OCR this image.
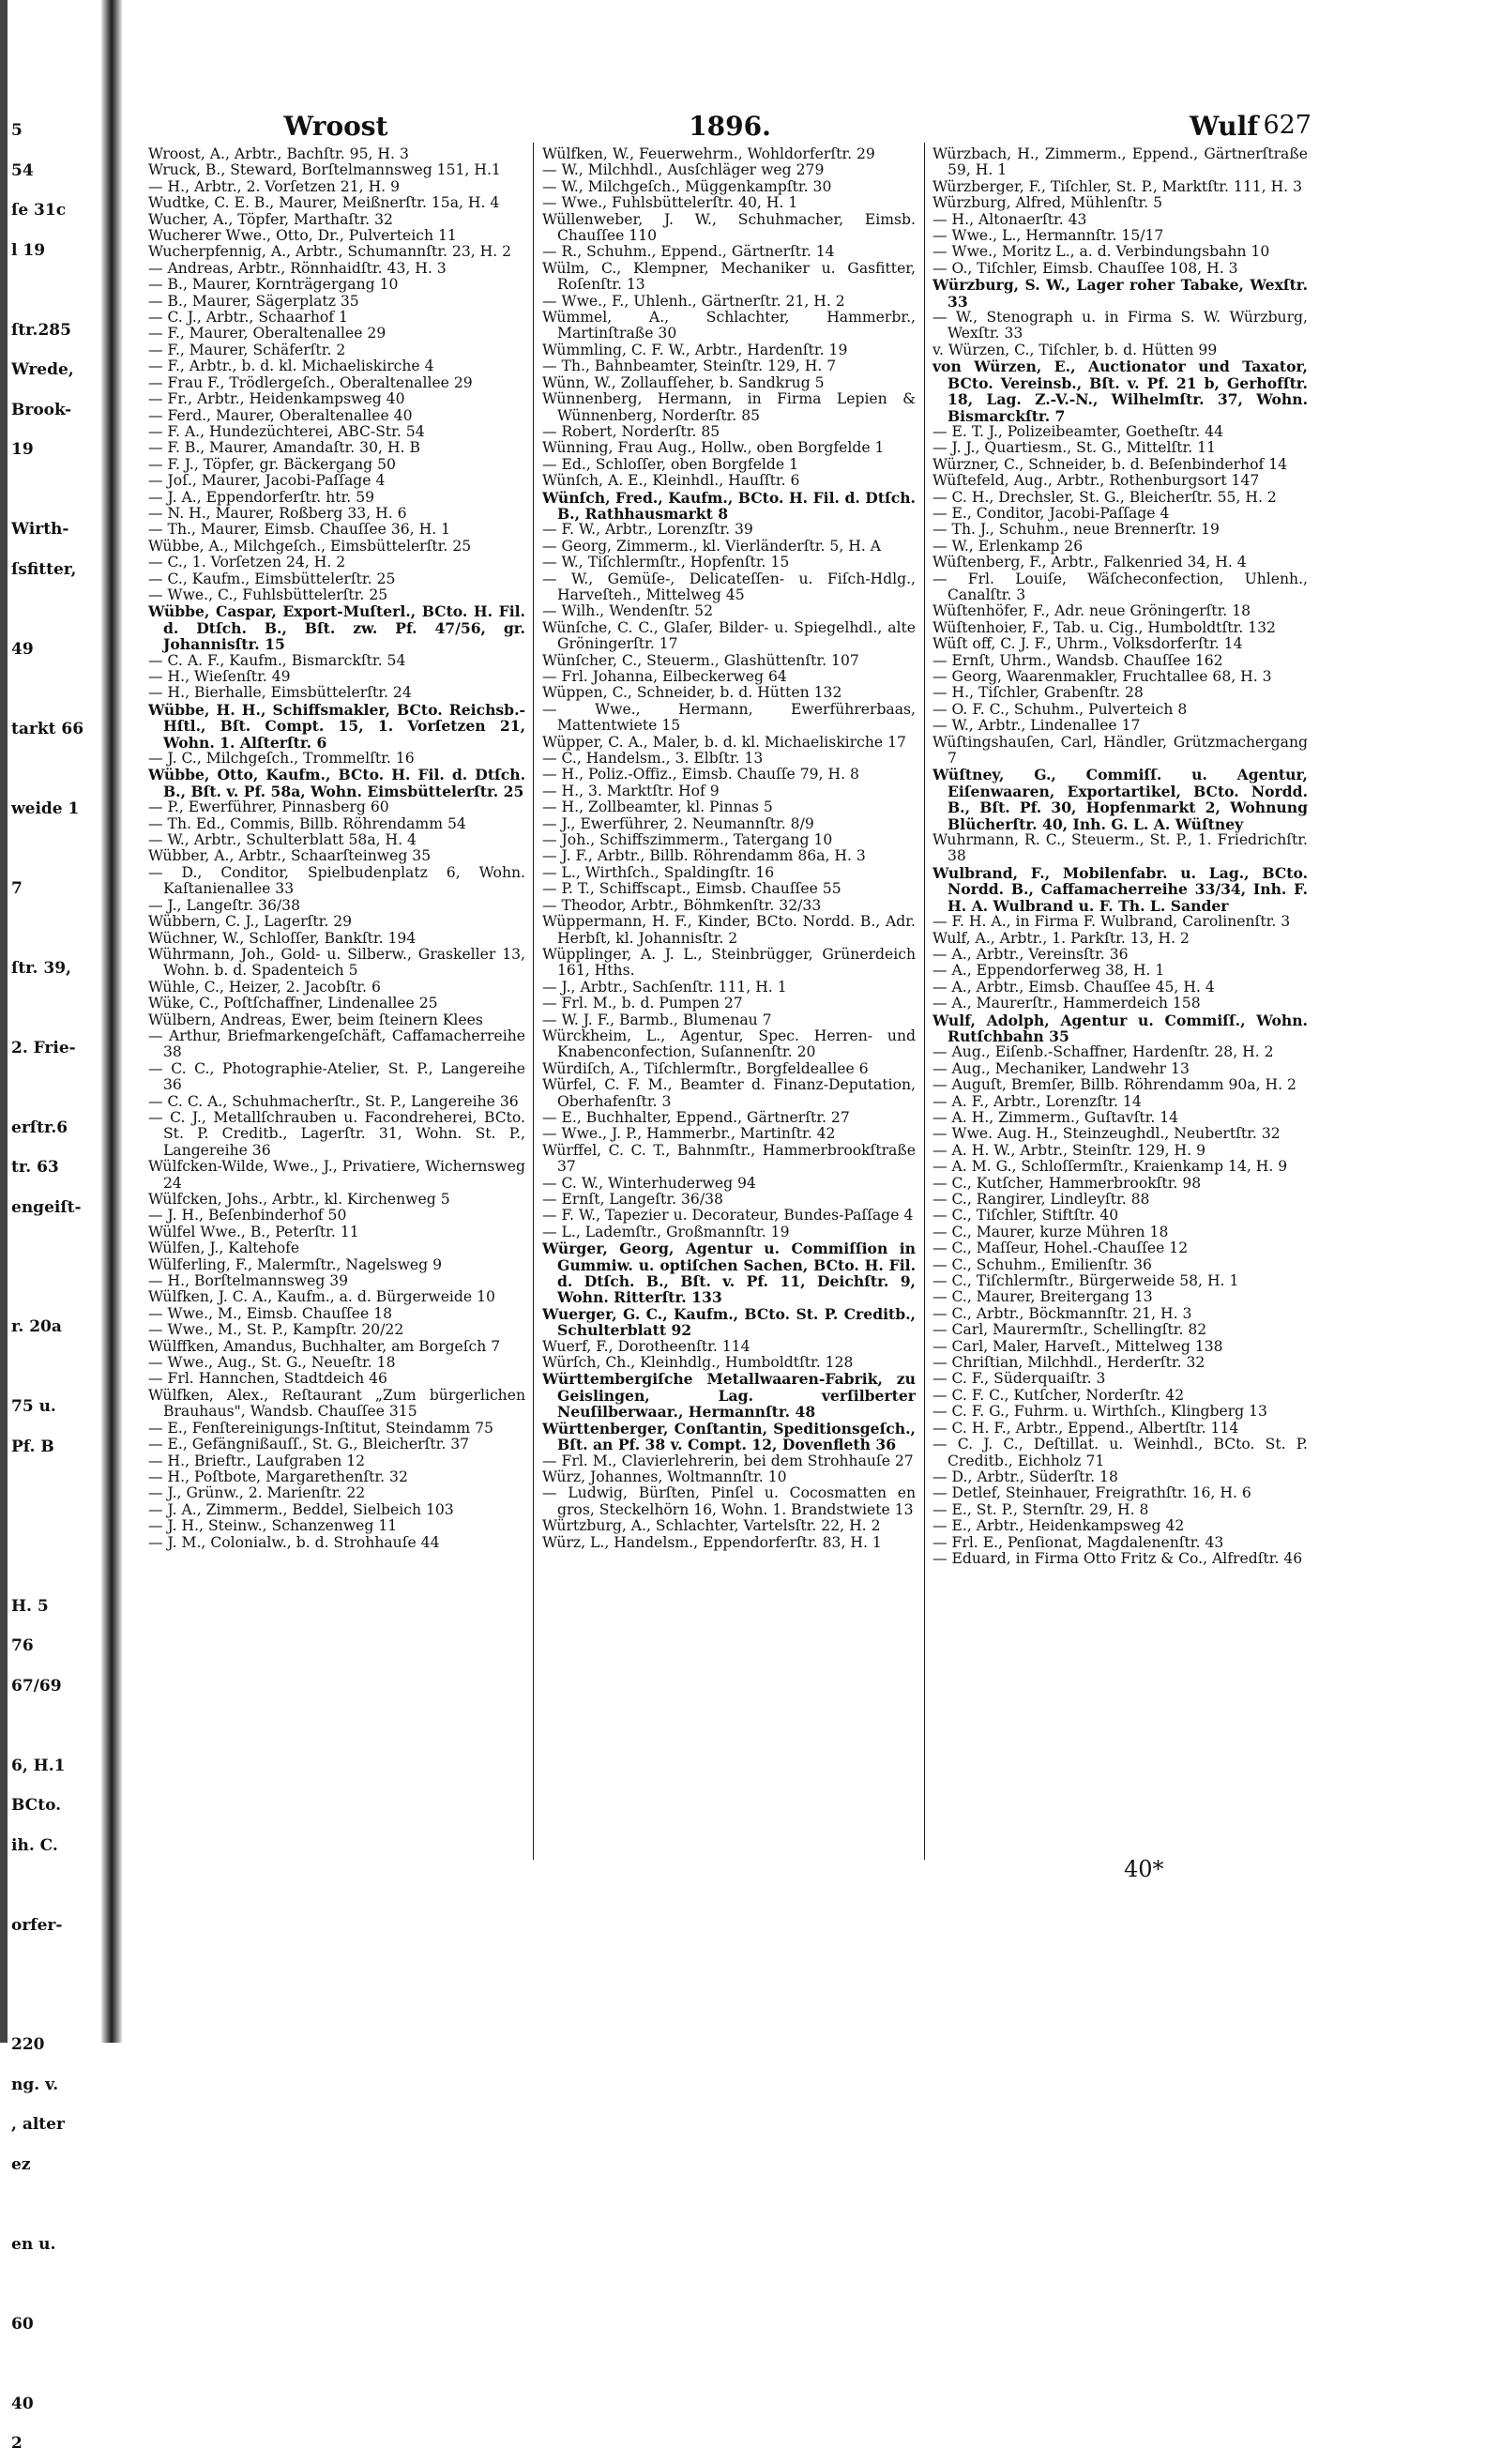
5
54
ſe 31c
l 19

ſtr.285
Wrede,
Brook-
19

Wirth-
ſsfitter,

49

tarkt 66

weide 1

7

ſtr. 39,

2. Frie-

erſtr.6
tr. 63
engeiſt-

r. 20a

75 u.
Pf. B

H. 5
76
67/69

6, H.1
BCto.
ih. C.

orfer-

220
ng. v.
, alter
ez

en u.

60

40
2
Wroost	1896.	Wulf 627

Wroost, A., Arbtr., Bachſtr. 95, H. 3

Wruck, B., Steward, Borſtelmannsweg 151, H.1

— H., Arbtr., 2. Vorſetzen 21, H. 9

Wudtke, C. E. B., Maurer, Meißnerſtr. 15a, H. 4

Wucher, A., Töpfer, Marthaſtr. 32

Wucherer Wwe., Otto, Dr., Pulverteich 11

Wucherpfennig, A., Arbtr., Schumannſtr. 23, H. 2

— Andreas, Arbtr., Rönnhaidſtr. 43, H. 3

— B., Maurer, Kornträgergang 10

— B., Maurer, Sägerplatz 35

— C. J., Arbtr., Schaarhof 1

— F., Maurer, Oberaltenallee 29

— F., Maurer, Schäferſtr. 2

— F., Arbtr., b. d. kl. Michaeliskirche 4

— Frau F., Trödlergeſch., Oberaltenallee 29

— Fr., Arbtr., Heidenkampsweg 40

— Ferd., Maurer, Oberaltenallee 40

— F. A., Hundezüchterei, ABC-Str. 54

— F. B., Maurer, Amandaſtr. 30, H. B

— F. J., Töpfer, gr. Bäckergang 50

— Joſ., Maurer, Jacobi-Paſſage 4

— J. A., Eppendorferſtr. htr. 59

— N. H., Maurer, Roßberg 33, H. 6

— Th., Maurer, Eimsb. Chauſſee 36, H. 1

Wübbe, A., Milchgeſch., Eimsbüttelerſtr. 25

— C., 1. Vorſetzen 24, H. 2

— C., Kaufm., Eimsbüttelerſtr. 25

— Wwe., C., Fuhlsbüttelerſtr. 25

Wübbe, Caspar, Export-Muſterl., BCto. H. Fil. d. Dtſch. B., Bſt. zw. Pf. 47/56, gr. Johannisſtr. 15

— C. A. F., Kaufm., Bismarckſtr. 54

— H., Wieſenſtr. 49

— H., Bierhalle, Eimsbüttelerſtr. 24

Wübbe, H. H., Schiffsmakler, BCto. Reichsb.-Hſtl., Bſt. Compt. 15, 1. Vorſetzen 21, Wohn. 1. Alſterſtr. 6

— J. C., Milchgeſch., Trommelſtr. 16

Wübbe, Otto, Kaufm., BCto. H. Fil. d. Dtſch. B., Bſt. v. Pf. 58a, Wohn. Eimsbüttelerſtr. 25

— P., Ewerführer, Pinnasberg 60

— Th. Ed., Commis, Billb. Röhrendamm 54

— W., Arbtr., Schulterblatt 58a, H. 4

Wübber, A., Arbtr., Schaarſteinweg 35

— D., Conditor, Spielbudenplatz 6, Wohn. Kaſtanienallee 33

— J., Langeſtr. 36/38

Wübbern, C. J., Lagerſtr. 29

Wüchner, W., Schloſſer, Bankſtr. 194

Wührmann, Joh., Gold- u. Silberw., Graskeller 13, Wohn. b. d. Spadenteich 5

Wühle, C., Heizer, 2. Jacobſtr. 6

Wüke, C., Poſtſchaffner, Lindenallee 25

Wülbern, Andreas, Ewer, beim ſteinern Klees

— Arthur, Briefmarkengeſchäft, Caffamacherreihe 38

— C. C., Photographie-Atelier, St. P., Langereihe 36

— C. C. A., Schuhmacherſtr., St. P., Langereihe 36

— C. J., Metallſchrauben u. Facondreherei, BCto. St. P. Creditb., Lagerſtr. 31, Wohn. St. P., Langereihe 36

Wülfcken-Wilde, Wwe., J., Privatiere, Wichernsweg 24

Wülfcken, Johs., Arbtr., kl. Kirchenweg 5

— J. H., Beſenbinderhof 50

Wülfel Wwe., B., Peterſtr. 11

Wülfen, J., Kaltehofe

Wülferling, F., Malermſtr., Nagelsweg 9

— H., Borſtelmannsweg 39

Wülfken, J. C. A., Kaufm., a. d. Bürgerweide 10

— Wwe., M., Eimsb. Chauſſee 18

— Wwe., M., St. P., Kampſtr. 20/22

Wülffken, Amandus, Buchhalter, am Borgeſch 7

— Wwe., Aug., St. G., Neueſtr. 18

— Frl. Hannchen, Stadtdeich 46

Wülfken, Alex., Reſtaurant „Zum bürgerlichen Brauhaus", Wandsb. Chauſſee 315

— E., Fenſtereinigungs-Inſtitut, Steindamm 75

— E., Gefängnißauſſ., St. G., Bleicherſtr. 37

— H., Brieftr., Laufgraben 12

— H., Poſtbote, Margarethenſtr. 32

— J., Grünw., 2. Marienſtr. 22

— J. A., Zimmerm., Beddel, Sielbeich 103

— J. H., Steinw., Schanzenweg 11

— J. M., Colonialw., b. d. Strohhauſe 44

Wülfken, W., Feuerwehrm., Wohldorferſtr. 29

— W., Milchhdl., Ausſchläger weg 279

— W., Milchgeſch., Müggenkampſtr. 30

— Wwe., Fuhlsbüttelerſtr. 40, H. 1

Wüllenweber, J. W., Schuhmacher, Eimsb. Chauſſee 110

— R., Schuhm., Eppend., Gärtnerſtr. 14

Wülm, C., Klempner, Mechaniker u. Gasfitter, Roſenſtr. 13

— Wwe., F., Uhlenh., Gärtnerſtr. 21, H. 2

Wümmel, A., Schlachter, Hammerbr., Martinſtraße 30

Wümmling, C. F. W., Arbtr., Hardenſtr. 19

— Th., Bahnbeamter, Steinſtr. 129, H. 7

Wünn, W., Zollaufſeher, b. Sandkrug 5

Wünnenberg, Hermann, in Firma Lepien & Wünnenberg, Norderſtr. 85

— Robert, Norderſtr. 85

Wünning, Frau Aug., Hollw., oben Borgfelde 1

— Ed., Schloſſer, oben Borgfelde 1

Wünſch, A. E., Kleinhdl., Hauſſtr. 6

Wünſch, Fred., Kaufm., BCto. H. Fil. d. Dtſch. B., Rathhausmarkt 8

— F. W., Arbtr., Lorenzſtr. 39

— Georg, Zimmerm., kl. Vierländerſtr. 5, H. A

— W., Tiſchlermſtr., Hopfenſtr. 15

— W., Gemüſe-, Delicateſſen- u. Fiſch-Hdlg., Harveſteh., Mittelweg 45

— Wilh., Wendenſtr. 52

Wünſche, C. C., Glaſer, Bilder- u. Spiegelhdl., alte Gröningerſtr. 17

Wünſcher, C., Steuerm., Glashüttenſtr. 107

— Frl. Johanna, Eilbeckerweg 64

Wüppen, C., Schneider, b. d. Hütten 132

— Wwe., Hermann, Ewerführerbaas, Mattentwiete 15

Wüpper, C. A., Maler, b. d. kl. Michaeliskirche 17

— C., Handelsm., 3. Elbſtr. 13

— H., Poliz.-Offiz., Eimsb. Chauſſe 79, H. 8

— H., 3. Marktſtr. Hof 9

— H., Zollbeamter, kl. Pinnas 5

— J., Ewerführer, 2. Neumannſtr. 8/9

— Joh., Schiffszimmerm., Tatergang 10

— J. F., Arbtr., Billb. Röhrendamm 86a, H. 3

— L., Wirthſch., Spaldingſtr. 16

— P. T., Schiffscapt., Eimsb. Chauſſee 55

— Theodor, Arbtr., Böhmkenſtr. 32/33

Wüppermann, H. F., Kinder, BCto. Nordd. B., Adr. Herbſt, kl. Johannisſtr. 2

Wüpplinger, A. J. L., Steinbrügger, Grünerdeich 161, Hths.

— J., Arbtr., Sachſenſtr. 111, H. 1

— Frl. M., b. d. Pumpen 27

— W. J. F., Barmb., Blumenau 7

Würckheim, L., Agentur, Spec. Herren- und Knabenconfection, Suſannenſtr. 20

Würdiſch, A., Tiſchlermſtr., Borgfeldeallee 6

Würfel, C. F. M., Beamter d. Finanz-Deputation, Oberhafenſtr. 3

— E., Buchhalter, Eppend., Gärtnerſtr. 27

— Wwe., J. P., Hammerbr., Martinſtr. 42

Würffel, C. C. T., Bahnmſtr., Hammerbrookſtraße 37

— C. W., Winterhuderweg 94

— Ernſt, Langeſtr. 36/38

— F. W., Tapezier u. Decorateur, Bundes-Paſſage 4

— L., Lademſtr., Großmannſtr. 19

Würger, Georg, Agentur u. Commiſſion in Gummiw. u. optiſchen Sachen, BCto. H. Fil. d. Dtſch. B., Bſt. v. Pf. 11, Deichſtr. 9, Wohn. Ritterſtr. 133

Wuerger, G. C., Kaufm., BCto. St. P. Creditb., Schulterblatt 92

Wuerf, F., Dorotheenſtr. 114

Würſch, Ch., Kleinhdlg., Humboldtſtr. 128

Württembergiſche Metallwaaren-Fabrik, zu Geislingen, Lag. verſilberter Neuſilberwaar., Hermannſtr. 48

Württenberger, Conſtantin, Speditionsgeſch., Bſt. an Pf. 38 v. Compt. 12, Dovenfleth 36

— Frl. M., Clavierlehrerin, bei dem Strohhauſe 27

Würz, Johannes, Woltmannſtr. 10

— Ludwig, Bürſten, Pinſel u. Cocosmatten en gros, Steckelhörn 16, Wohn. 1. Brandstwiete 13

Würtzburg, A., Schlachter, Vartelsſtr. 22, H. 2

Würz, L., Handelsm., Eppendorferſtr. 83, H. 1

Würzbach, H., Zimmerm., Eppend., Gärtnerſtraße 59, H. 1

Würzberger, F., Tiſchler, St. P., Marktſtr. 111, H. 3

Würzburg, Alfred, Mühlenſtr. 5

— H., Altonaerſtr. 43

— Wwe., L., Hermannſtr. 15/17

— Wwe., Moritz L., a. d. Verbindungsbahn 10

— O., Tiſchler, Eimsb. Chauſſee 108, H. 3

Würzburg, S. W., Lager roher Tabake, Wexſtr. 33

— W., Stenograph u. in Firma S. W. Würzburg, Wexſtr. 33

v. Würzen, C., Tiſchler, b. d. Hütten 99

von Würzen, E., Auctionator und Taxator, BCto. Vereinsb., Bſt. v. Pf. 21 b, Gerhofſtr. 18, Lag. Z.-V.-N., Wilhelmſtr. 37, Wohn. Bismarckſtr. 7

— E. T. J., Polizeibeamter, Goetheſtr. 44

— J. J., Quartiesm., St. G., Mittelſtr. 11

Würzner, C., Schneider, b. d. Beſenbinderhof 14

Wüſtefeld, Aug., Arbtr., Rothenburgsort 147

— C. H., Drechsler, St. G., Bleicherſtr. 55, H. 2

— E., Conditor, Jacobi-Paſſage 4

— Th. J., Schuhm., neue Brennerſtr. 19

— W., Erlenkamp 26

Wüſtenberg, F., Arbtr., Falkenried 34, H. 4

— Frl. Louiſe, Wäſcheconfection, Uhlenh., Canalſtr. 3

Wüſtenhöfer, F., Adr. neue Gröningerſtr. 18

Wüſtenhoier, F., Tab. u. Cig., Humboldtſtr. 132

Wüſt off, C. J. F., Uhrm., Volksdorferſtr. 14

— Ernſt, Uhrm., Wandsb. Chauſſee 162

— Georg, Waarenmakler, Fruchtallee 68, H. 3

— H., Tiſchler, Grabenſtr. 28

— O. F. C., Schuhm., Pulverteich 8

— W., Arbtr., Lindenallee 17

Wüſtingshauſen, Carl, Händler, Grützmachergang 7

Wüſtney, G., Commiſſ. u. Agentur, Eiſenwaaren, Exportartikel, BCto. Nordd. B., Bſt. Pf. 30, Hopfenmarkt 2, Wohnung Blücherſtr. 40, Inh. G. L. A. Wüſtney

Wuhrmann, R. C., Steuerm., St. P., 1. Friedrichſtr. 38

Wulbrand, F., Mobilenfabr. u. Lag., BCto. Nordd. B., Caffamacherreihe 33/34, Inh. F. H. A. Wulbrand u. F. Th. L. Sander

— F. H. A., in Firma F. Wulbrand, Carolinenſtr. 3

Wulf, A., Arbtr., 1. Parkſtr. 13, H. 2

— A., Arbtr., Vereinsſtr. 36

— A., Eppendorferweg 38, H. 1

— A., Arbtr., Eimsb. Chauſſee 45, H. 4

— A., Maurerſtr., Hammerdeich 158

Wulf, Adolph, Agentur u. Commiſſ., Wohn. Rutſchbahn 35

— Aug., Eiſenb.-Schaffner, Hardenſtr. 28, H. 2

— Aug., Mechaniker, Landwehr 13

— Auguſt, Bremſer, Billb. Röhrendamm 90a, H. 2

— A. F., Arbtr., Lorenzſtr. 14

— A. H., Zimmerm., Guſtavſtr. 14

— Wwe. Aug. H., Steinzeughdl., Neubertſtr. 32

— A. H. W., Arbtr., Steinſtr. 129, H. 9

— A. M. G., Schloſſermſtr., Kraienkamp 14, H. 9

— C., Kutſcher, Hammerbrookſtr. 98

— C., Rangirer, Lindleyſtr. 88

— C., Tiſchler, Stiftſtr. 40

— C., Maurer, kurze Mühren 18

— C., Maſſeur, Hohel.-Chauſſee 12

— C., Schuhm., Emilienſtr. 36

— C., Tiſchlermſtr., Bürgerweide 58, H. 1

— C., Maurer, Breitergang 13

— C., Arbtr., Böckmannſtr. 21, H. 3

— Carl, Maurermſtr., Schellingſtr. 82

— Carl, Maler, Harveſt., Mittelweg 138

— Chriſtian, Milchhdl., Herderſtr. 32

— C. F., Süderquaiſtr. 3

— C. F. C., Kutſcher, Norderſtr. 42

— C. F. G., Fuhrm. u. Wirthſch., Klingberg 13

— C. H. F., Arbtr., Eppend., Albertſtr. 114

— C. J. C., Deſtillat. u. Weinhdl., BCto. St. P. Creditb., Eichholz 71

— D., Arbtr., Süderſtr. 18

— Detlef, Steinhauer, Freigrathſtr. 16, H. 6

— E., St. P., Sternſtr. 29, H. 8

— E., Arbtr., Heidenkampsweg 42

— Frl. E., Penſionat, Magdalenenſtr. 43

— Eduard, in Firma Otto Fritz & Co., Alfredſtr. 46

40*
